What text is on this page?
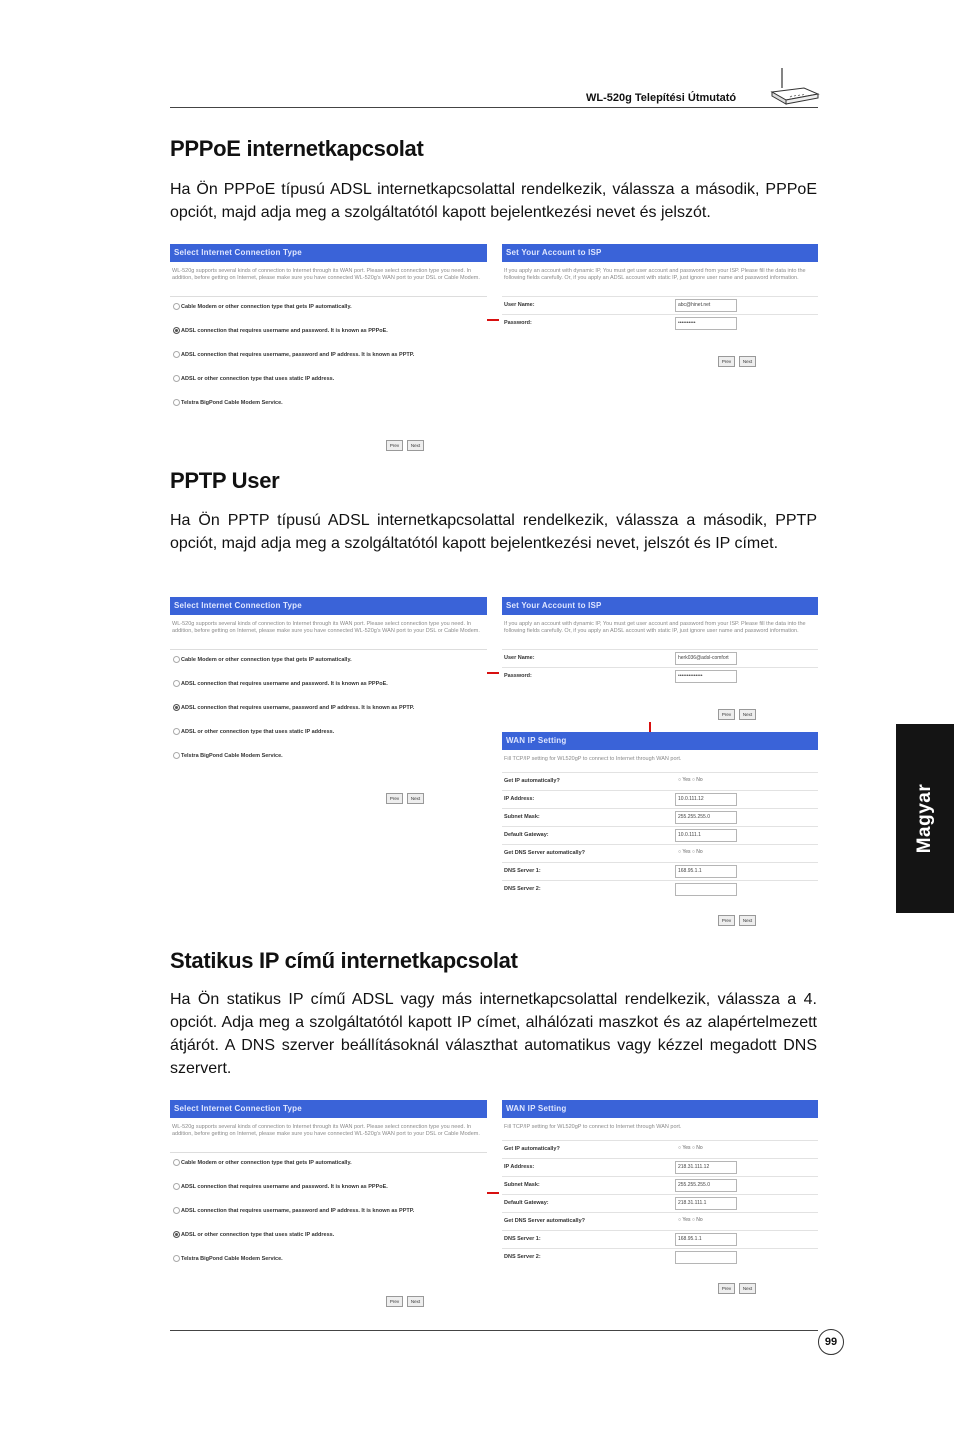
WL-520g Telepítési Útmutató
PPPoE internetkapcsolat

Ha Ön PPPoE típusú ADSL internetkapcsolattal rendelkezik, válassza a második, PPPoE opciót, majd adja meg a szolgáltatótól kapott bejelentkezési nevet és jelszót.

Select Internet Connection Type
WL-520g supports several kinds of connection to Internet through its WAN port. Please select connection type you need. In addition, before getting on Internet, please make sure you have connected WL-520g's WAN port to your DSL or Cable Modem.
Cable Modem or other connection type that gets IP automatically.
ADSL connection that requires username and password. It is known as PPPoE.
ADSL connection that requires username, password and IP address. It is known as PPTP.
ADSL or other connection type that uses static IP address.
Telstra BigPond Cable Modem Service.
Prev	Next
Set Your Account to ISP
If you apply an account with dynamic IP, You must get user account and password from your ISP. Please fill the data into the following fields carefully. Or, if you apply an ADSL account with static IP, just ignore user name and password information.
User Name:	abc@hinet.net
Password:	••••••••••
Prev	Next
PPTP User

Ha Ön PPTP típusú ADSL internetkapcsolattal rendelkezik, válassza a második, PPTP opciót, majd adja meg a szolgáltatótól kapott bejelentkezési nevet, jelszót és IP címet.

Select Internet Connection Type
WL-520g supports several kinds of connection to Internet through its WAN port. Please select connection type you need. In addition, before getting on Internet, please make sure you have connected WL-520g's WAN port to your DSL or Cable Modem.
Cable Modem or other connection type that gets IP automatically.
ADSL connection that requires username and password. It is known as PPPoE.
ADSL connection that requires username, password and IP address. It is known as PPTP.
ADSL or other connection type that uses static IP address.
Telstra BigPond Cable Modem Service.
Prev	Next
Set Your Account to ISP
If you apply an account with dynamic IP, You must get user account and password from your ISP. Please fill the data into the following fields carefully. Or, if you apply an ADSL account with static IP, just ignore user name and password information.
User Name:	herk036@adsl-comfort
Password:	••••••••••••••
Prev	Next
WAN IP Setting
Fill TCP/IP setting for WL520gP to connect to Internet through WAN port.
Get IP automatically?	○ Yes ○ No
IP Address:	10.0.111.12
Subnet Mask:	255.255.255.0
Default Gateway:	10.0.111.1
Get DNS Server automatically?	○ Yes ○ No
DNS Server 1:	168.95.1.1
DNS Server 2:
Prev	Next
Magyar
Statikus IP című internetkapcsolat

Ha Ön statikus IP című ADSL vagy más internetkapcsolattal rendelkezik, válassza a 4. opciót. Adja meg a szolgáltatótól kapott IP címet, alhálózati maszkot és az alapértelmezett átjárót. A DNS szerver beállításoknál választhat automatikus vagy kézzel megadott DNS szervert.

Select Internet Connection Type
WL-520g supports several kinds of connection to Internet through its WAN port. Please select connection type you need. In addition, before getting on Internet, please make sure you have connected WL-520g's WAN port to your DSL or Cable Modem.
Cable Modem or other connection type that gets IP automatically.
ADSL connection that requires username and password. It is known as PPPoE.
ADSL connection that requires username, password and IP address. It is known as PPTP.
ADSL or other connection type that uses static IP address.
Telstra BigPond Cable Modem Service.
Prev	Next
WAN IP Setting
Fill TCP/IP setting for WL520gP to connect to Internet through WAN port.
Get IP automatically?	○ Yes ○ No
IP Address:	218.31.111.12
Subnet Mask:	255.255.255.0
Default Gateway:	218.31.111.1
Get DNS Server automatically?	○ Yes ○ No
DNS Server 1:	168.95.1.1
DNS Server 2:
Prev	Next
99
